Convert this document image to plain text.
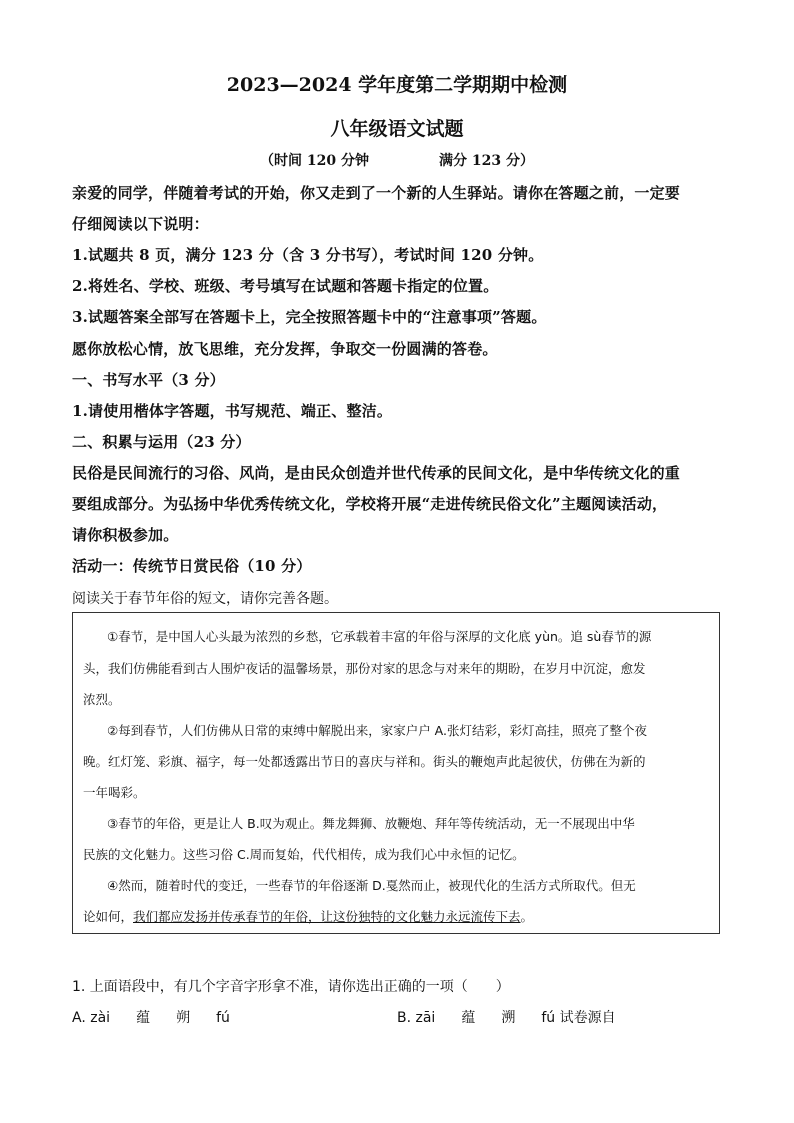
2023—2024 学年度第二学期期中检测
八年级语文试题
（时间 120 分钟	满分 123 分）
亲爱的同学，伴随着考试的开始，你又走到了一个新的人生驿站。请你在答题之前，一定要
仔细阅读以下说明：
1.试题共 8 页，满分 123 分（含 3 分书写），考试时间 120 分钟。
2.将姓名、学校、班级、考号填写在试题和答题卡指定的位置。
3.试题答案全部写在答题卡上，完全按照答题卡中的“注意事项”答题。
愿你放松心情，放飞思维，充分发挥，争取交一份圆满的答卷。
一、书写水平（3 分）
1.请使用楷体字答题，书写规范、端正、整洁。
二、积累与运用（23 分）
民俗是民间流行的习俗、风尚，是由民众创造并世代传承的民间文化，是中华传统文化的重
要组成部分。为弘扬中华优秀传统文化，学校将开展“走进传统民俗文化”主题阅读活动，
请你积极参加。
活动一：传统节日赏民俗（10 分）
阅读关于春节年俗的短文，请你完善各题。
①春节，是中国人心头最为浓烈的乡愁，它承载着丰富的年俗与深厚的文化底 yùn。追 sù春节的源
头，我们仿佛能看到古人围炉夜话的温馨场景，那份对家的思念与对来年的期盼，在岁月中沉淀，愈发
浓烈。
②每到春节，人们仿佛从日常的束缚中解脱出来，家家户户 A.张灯结彩，彩灯高挂，照亮了整个夜
晚。红灯笼、彩旗、福字，每一处都透露出节日的喜庆与祥和。街头的鞭炮声此起彼伏，仿佛在为新的
一年喝彩。
③春节的年俗，更是让人 B.叹为观止。舞龙舞狮、放鞭炮、拜年等传统活动，无一不展现出中华
民族的文化魅力。这些习俗 C.周而复始，代代相传，成为我们心中永恒的记忆。
④然而，随着时代的变迁，一些春节的年俗逐渐 D.戛然而止，被现代化的生活方式所取代。但无
论如何，我们都应发扬并传承春节的年俗，让这份独特的文化魅力永远流传下去。
1. 上面语段中，有几个字音字形拿不准，请你选出正确的一项（　　）
A. zài 蕴 朔 fú	B. zāi 蕴 溯 fú 试卷源自
